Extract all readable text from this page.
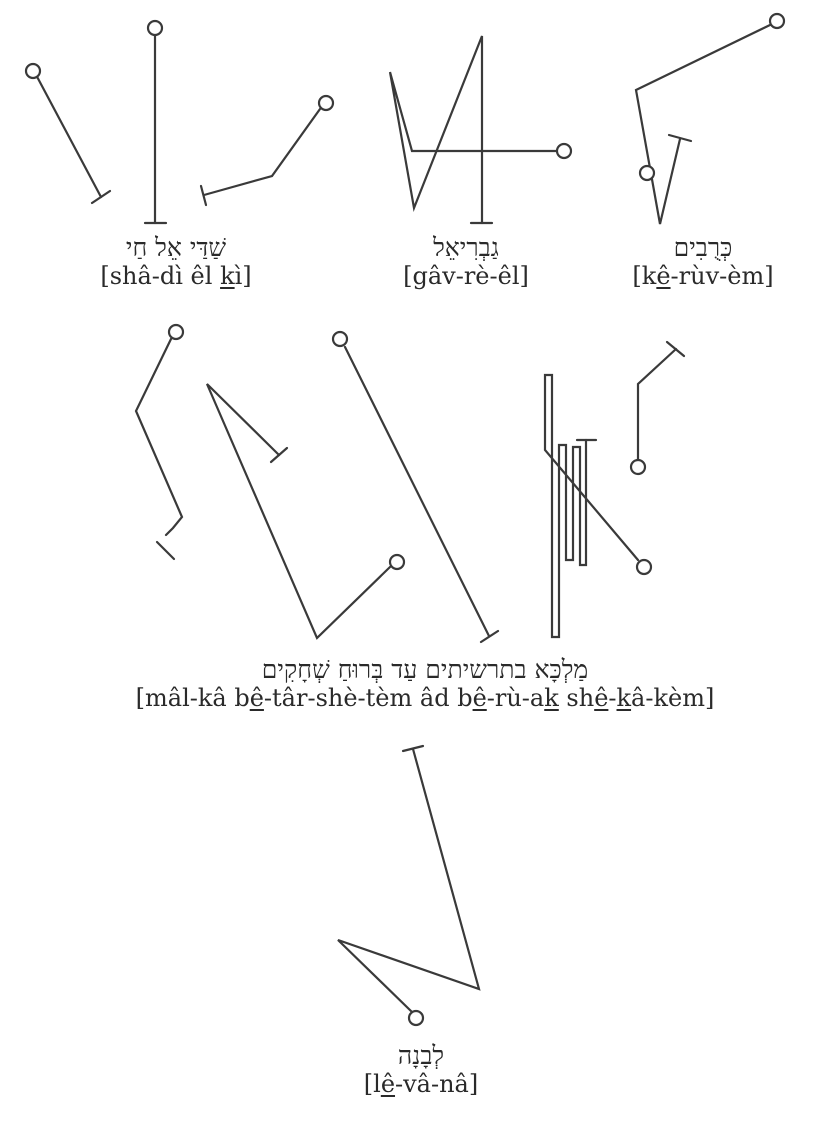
שַׁדַּי אֵל חַי
[shâ-dì êl kì]
גַבְרִיאֵל
[gâv-rè-êl]
כְּרֻבִים
[kê-rùv-èm]
מַלְכָּא בתרשיתים עַד בְּרוּחַ שְׁחָקִים
[mâl-kâ bê-târ-shè-tèm âd bê-rù-ak shê-kâ-kèm]
לְבָנָה
[lê-vâ-nâ]
